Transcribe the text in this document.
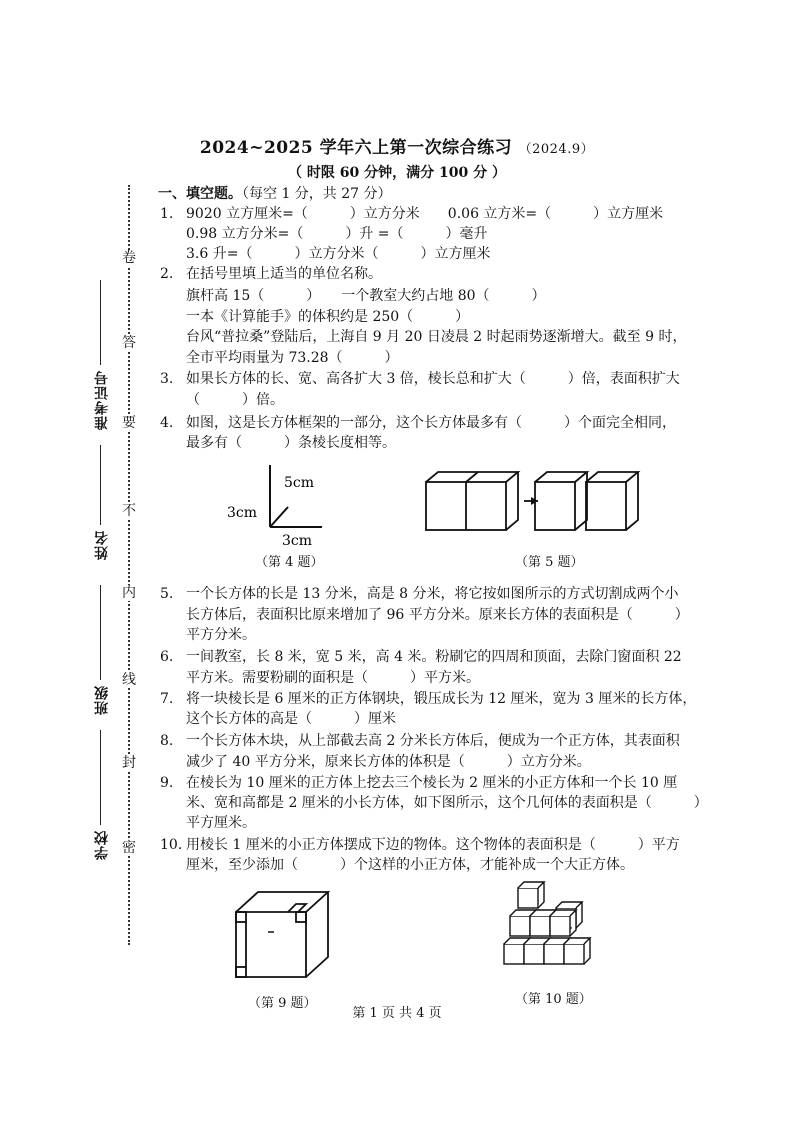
2024~2025 学年六上第一次综合练习 （2024.9）
（ 时限 60 分钟，满分 100 分 ）
卷
答
要
不
内
线
封
密
准考证号
姓名
班级
学校
一、填空题。（每空 1 分，共 27 分）
1. 9020 立方厘米=（　　　）立方分米　　0.06 立方米=（　　　）立方厘米
0.98 立方分米=（　　　）升 =（　　　）毫升
3.6 升=（　　　）立方分米（　　　）立方厘米
2. 在括号里填上适当的单位名称。
旗杆高 15（　　　）　　一个教室大约占地 80（　　　）
一本《计算能手》的体积约是 250（　　　）
台风“普拉桑”登陆后，上海自 9 月 20 日凌晨 2 时起雨势逐渐增大。截至 9 时，
全市平均雨量为 73.28（　　　）
3. 如果长方体的长、宽、高各扩大 3 倍，棱长总和扩大（　　　）倍，表面积扩大
（　　　）倍。
4. 如图，这是长方体框架的一部分，这个长方体最多有（　　　）个面完全相同，
最多有（　　　）条棱长度相等。
5. 一个长方体的长是 13 分米，高是 8 分米，将它按如图所示的方式切割成两个小
长方体后，表面积比原来增加了 96 平方分米。原来长方体的表面积是（　　　）
平方分米。
6. 一间教室，长 8 米，宽 5 米，高 4 米。粉刷它的四周和顶面，去除门窗面积 22
平方米。需要粉刷的面积是（　　　）平方米。
7. 将一块棱长是 6 厘米的正方体钢块，锻压成长为 12 厘米，宽为 3 厘米的长方体，
这个长方体的高是（　　　）厘米
8. 一个长方体木块，从上部截去高 2 分米长方体后，便成为一个正方体，其表面积
减少了 40 平方分米，原来长方体的体积是（　　　）立方分米。
9. 在棱长为 10 厘米的正方体上挖去三个棱长为 2 厘米的小正方体和一个长 10 厘
米、宽和高都是 2 厘米的小长方体，如下图所示，这个几何体的表面积是（　　　）
平方厘米。
10. 用棱长 1 厘米的小正方体摆成下边的物体。这个物体的表面积是（　　　）平方
厘米，至少添加（　　　）个这样的小正方体，才能补成一个大正方体。
5cm
3cm
3cm
（第 4 题）	（第 5 题）
（第 9 题）	（第 10 题）
第 1 页 共 4 页
